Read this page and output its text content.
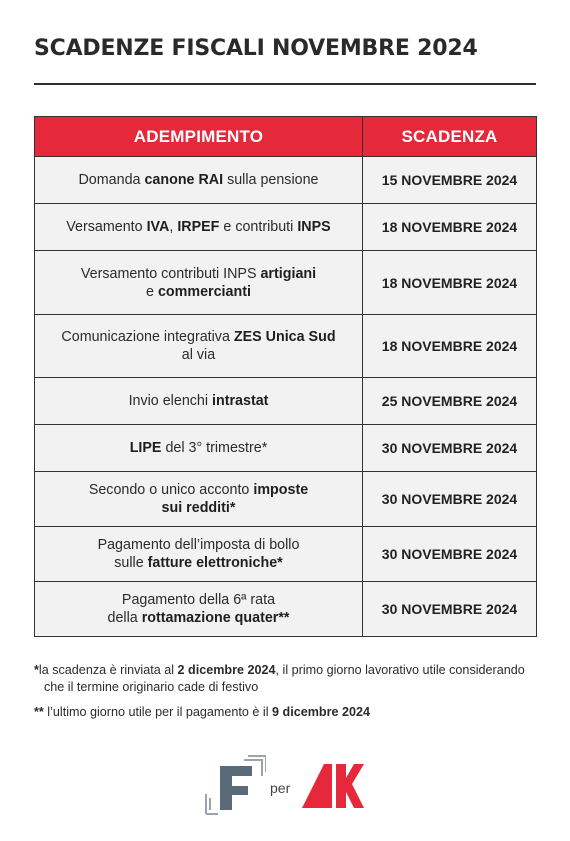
SCADENZE FISCALI NOVEMBRE 2024
ADEMPIMENTO	SCADENZA
Domanda canone RAI sulla pensione	15 NOVEMBRE 2024
Versamento IVA, IRPEF e contributi INPS	18 NOVEMBRE 2024
Versamento contributi INPS artigiani
e commercianti	18 NOVEMBRE 2024
Comunicazione integrativa ZES Unica Sud
al via	18 NOVEMBRE 2024
Invio elenchi intrastat	25 NOVEMBRE 2024
LIPE del 3° trimestre*	30 NOVEMBRE 2024
Secondo o unico acconto imposte
sui redditi*	30 NOVEMBRE 2024
Pagamento dell’imposta di bollo
sulle fatture elettroniche*	30 NOVEMBRE 2024
Pagamento della 6ª rata
della rottamazione quater**	30 NOVEMBRE 2024

*la scadenza è rinviata al 2 dicembre 2024, il primo giorno lavorativo utile considerando che il termine originario cade di festivo

** l’ultimo giorno utile per il pagamento è il 9 dicembre 2024

per
